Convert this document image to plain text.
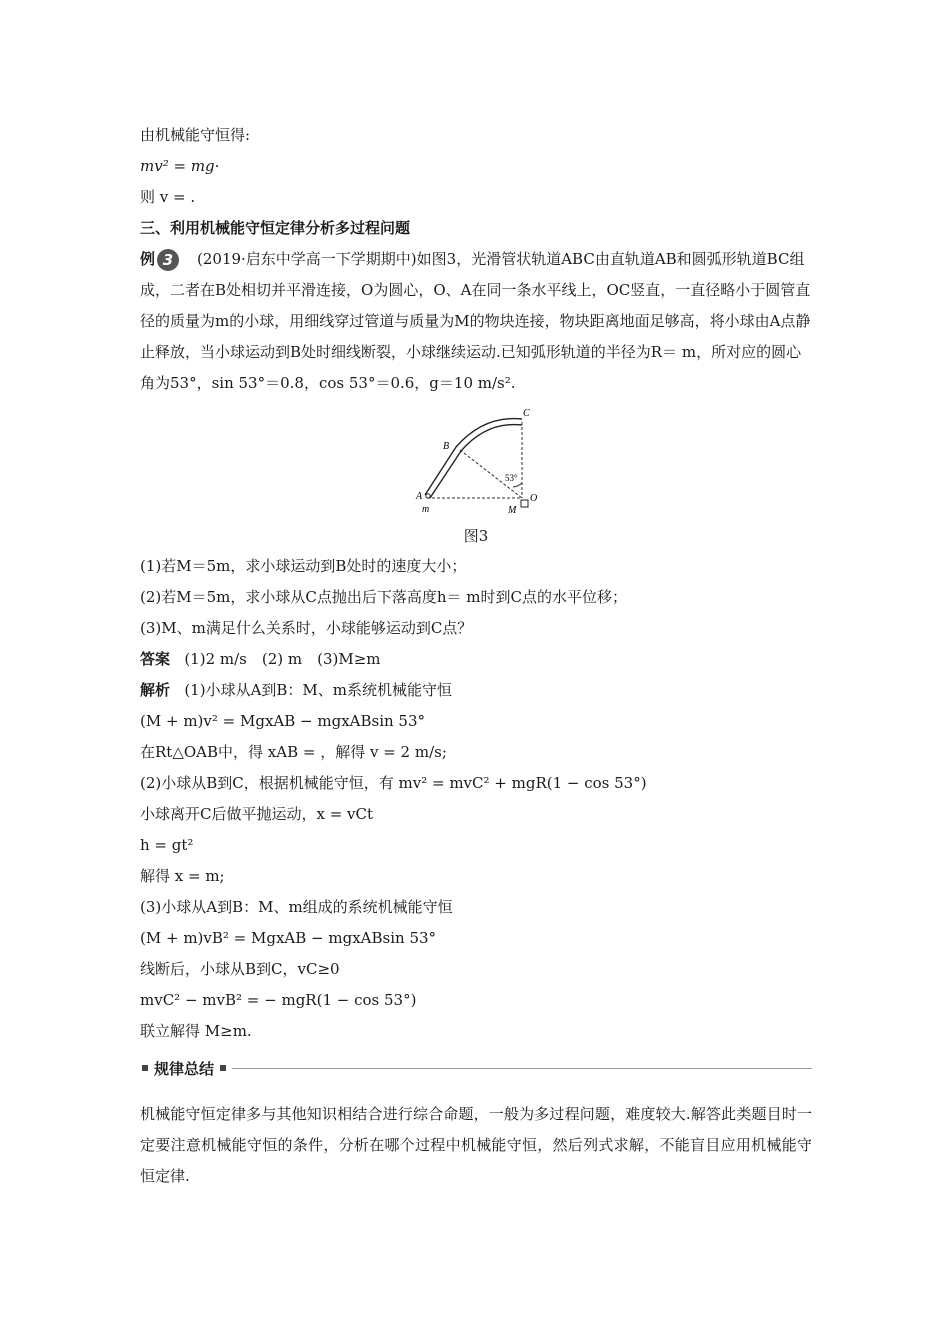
由机械能守恒得:
mv² = mg·
则 v = .
三、利用机械能守恒定律分析多过程问题
例 3 (2019·启东中学高一下学期期中)如图3，光滑管状轨道ABC由直轨道AB和圆弧形轨道BC组成，二者在B处相切并平滑连接，O为圆心，O、A在同一条水平线上，OC竖直，一直径略小于圆管直径的质量为m的小球，用细线穿过管道与质量为M的物块连接，物块距离地面足够高，将小球由A点静止释放，当小球运动到B处时细线断裂，小球继续运动.已知弧形轨道的半径为R＝ m，所对应的圆心角为53°，sin 53°＝0.8，cos 53°＝0.6，g＝10 m/s².
C
B
53°
A	O
m	M
图3
(1)若M＝5m，求小球运动到B处时的速度大小；
(2)若M＝5m，求小球从C点抛出后下落高度h＝ m时到C点的水平位移；
(3)M、m满足什么关系时，小球能够运动到C点？
答案 (1)2 m/s　(2) m　(3)M≥m
解析 (1)小球从A到B：M、m系统机械能守恒
(M + m)v² = MgxAB − mgxABsin 53°
在Rt△OAB中，得 xAB = ，解得 v = 2 m/s;
(2)小球从B到C，根据机械能守恒，有 mv² = mvC² + mgR(1 − cos 53°)
小球离开C后做平抛运动，x = vCt
h = gt²
解得 x = m;
(3)小球从A到B：M、m组成的系统机械能守恒
(M + m)vB² = MgxAB − mgxABsin 53°
线断后，小球从B到C，vC≥0
mvC² − mvB² = − mgR(1 − cos 53°)
联立解得 M≥m.
规律总结
机械能守恒定律多与其他知识相结合进行综合命题，一般为多过程问题，难度较大.解答此类题目时一定要注意机械能守恒的条件，分析在哪个过程中机械能守恒，然后列式求解，不能盲目应用机械能守恒定律.
